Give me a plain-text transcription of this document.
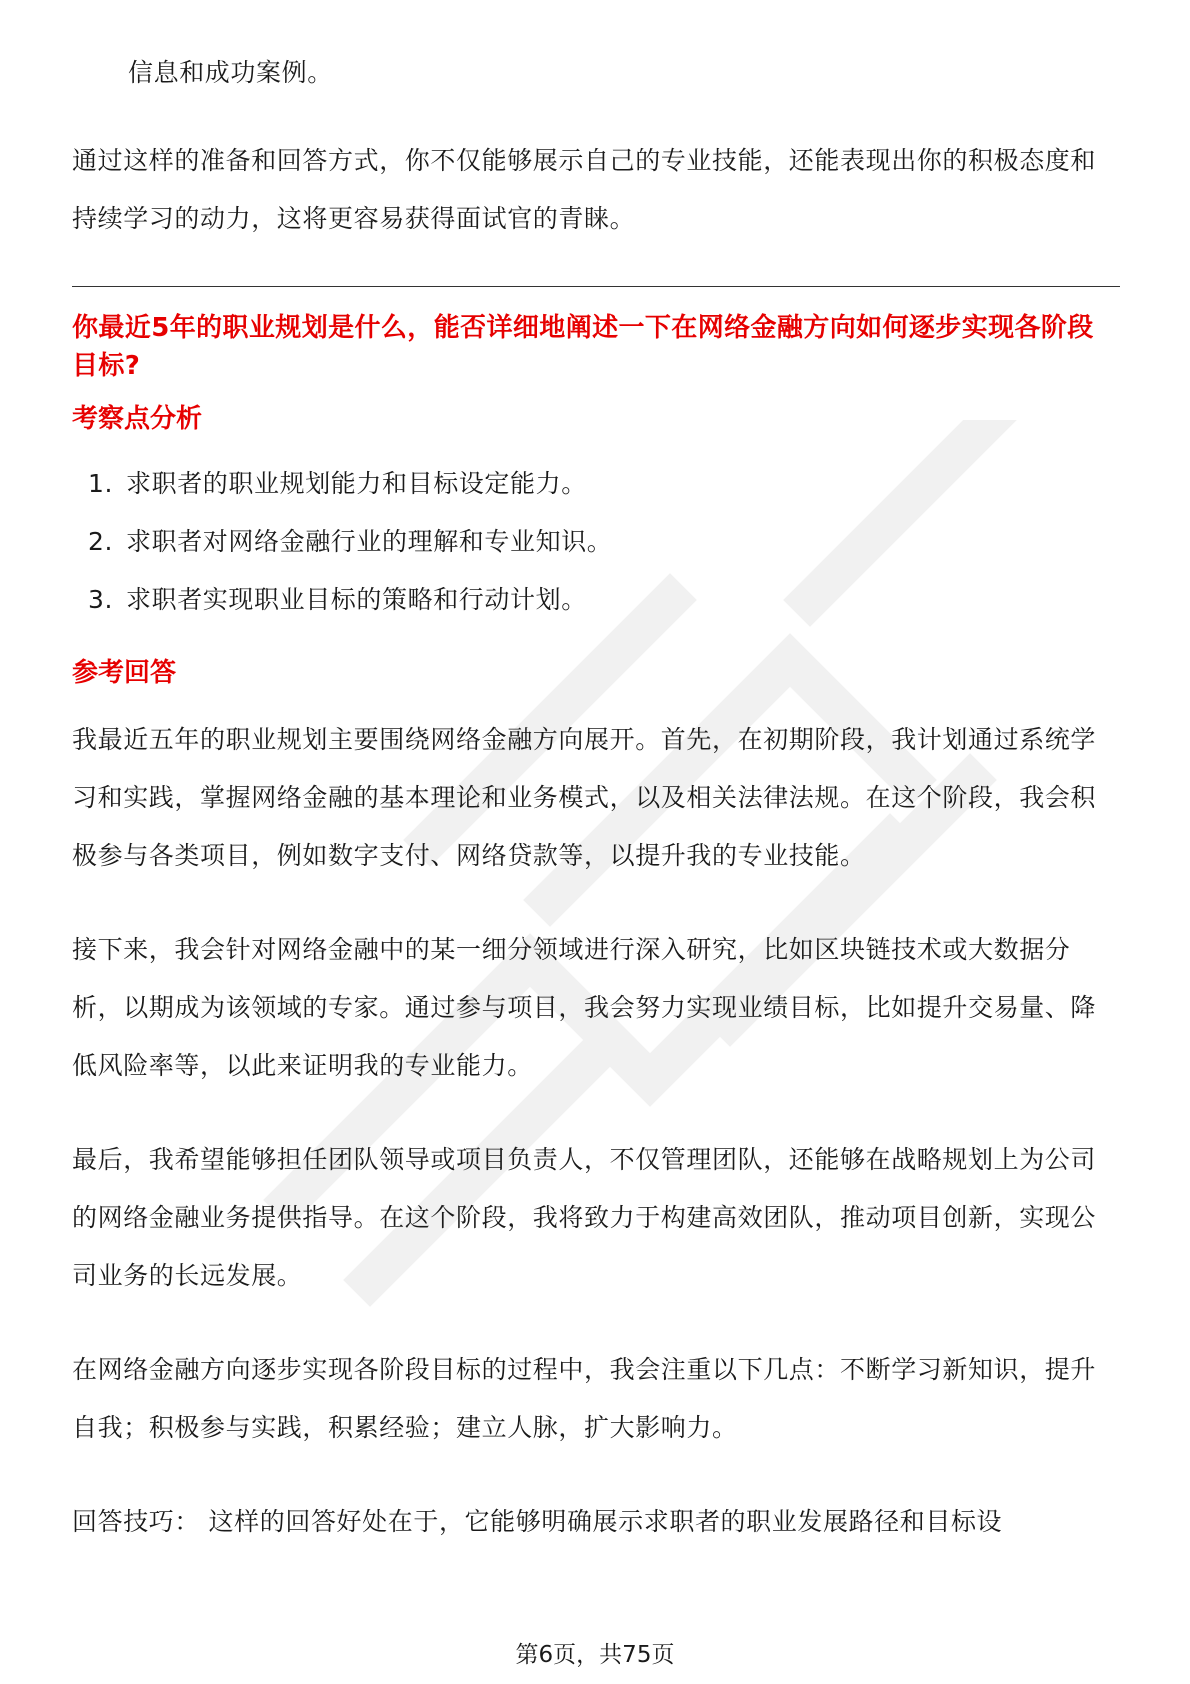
信息和成功案例。

通过这样的准备和回答方式，你不仅能够展示自己的专业技能，还能表现出你的积极态度和持续学习的动力，这将更容易获得面试官的青睐。

你最近5年的职业规划是什么，能否详细地阐述一下在网络金融方向如何逐步实现各阶段目标?
考察点分析
1. 求职者的职业规划能力和目标设定能力。
2. 求职者对网络金融行业的理解和专业知识。
3. 求职者实现职业目标的策略和行动计划。
参考回答

我最近五年的职业规划主要围绕网络金融方向展开。首先，在初期阶段，我计划通过系统学习和实践，掌握网络金融的基本理论和业务模式，以及相关法律法规。在这个阶段，我会积极参与各类项目，例如数字支付、网络贷款等，以提升我的专业技能。

接下来，我会针对网络金融中的某一细分领域进行深入研究，比如区块链技术或大数据分析，以期成为该领域的专家。通过参与项目，我会努力实现业绩目标，比如提升交易量、降低风险率等，以此来证明我的专业能力。

最后，我希望能够担任团队领导或项目负责人，不仅管理团队，还能够在战略规划上为公司的网络金融业务提供指导。在这个阶段，我将致力于构建高效团队，推动项目创新，实现公司业务的长远发展。

在网络金融方向逐步实现各阶段目标的过程中，我会注重以下几点：不断学习新知识，提升自我；积极参与实践，积累经验；建立人脉，扩大影响力。

回答技巧： 这样的回答好处在于，它能够明确展示求职者的职业发展路径和目标设

第6页，共75页
